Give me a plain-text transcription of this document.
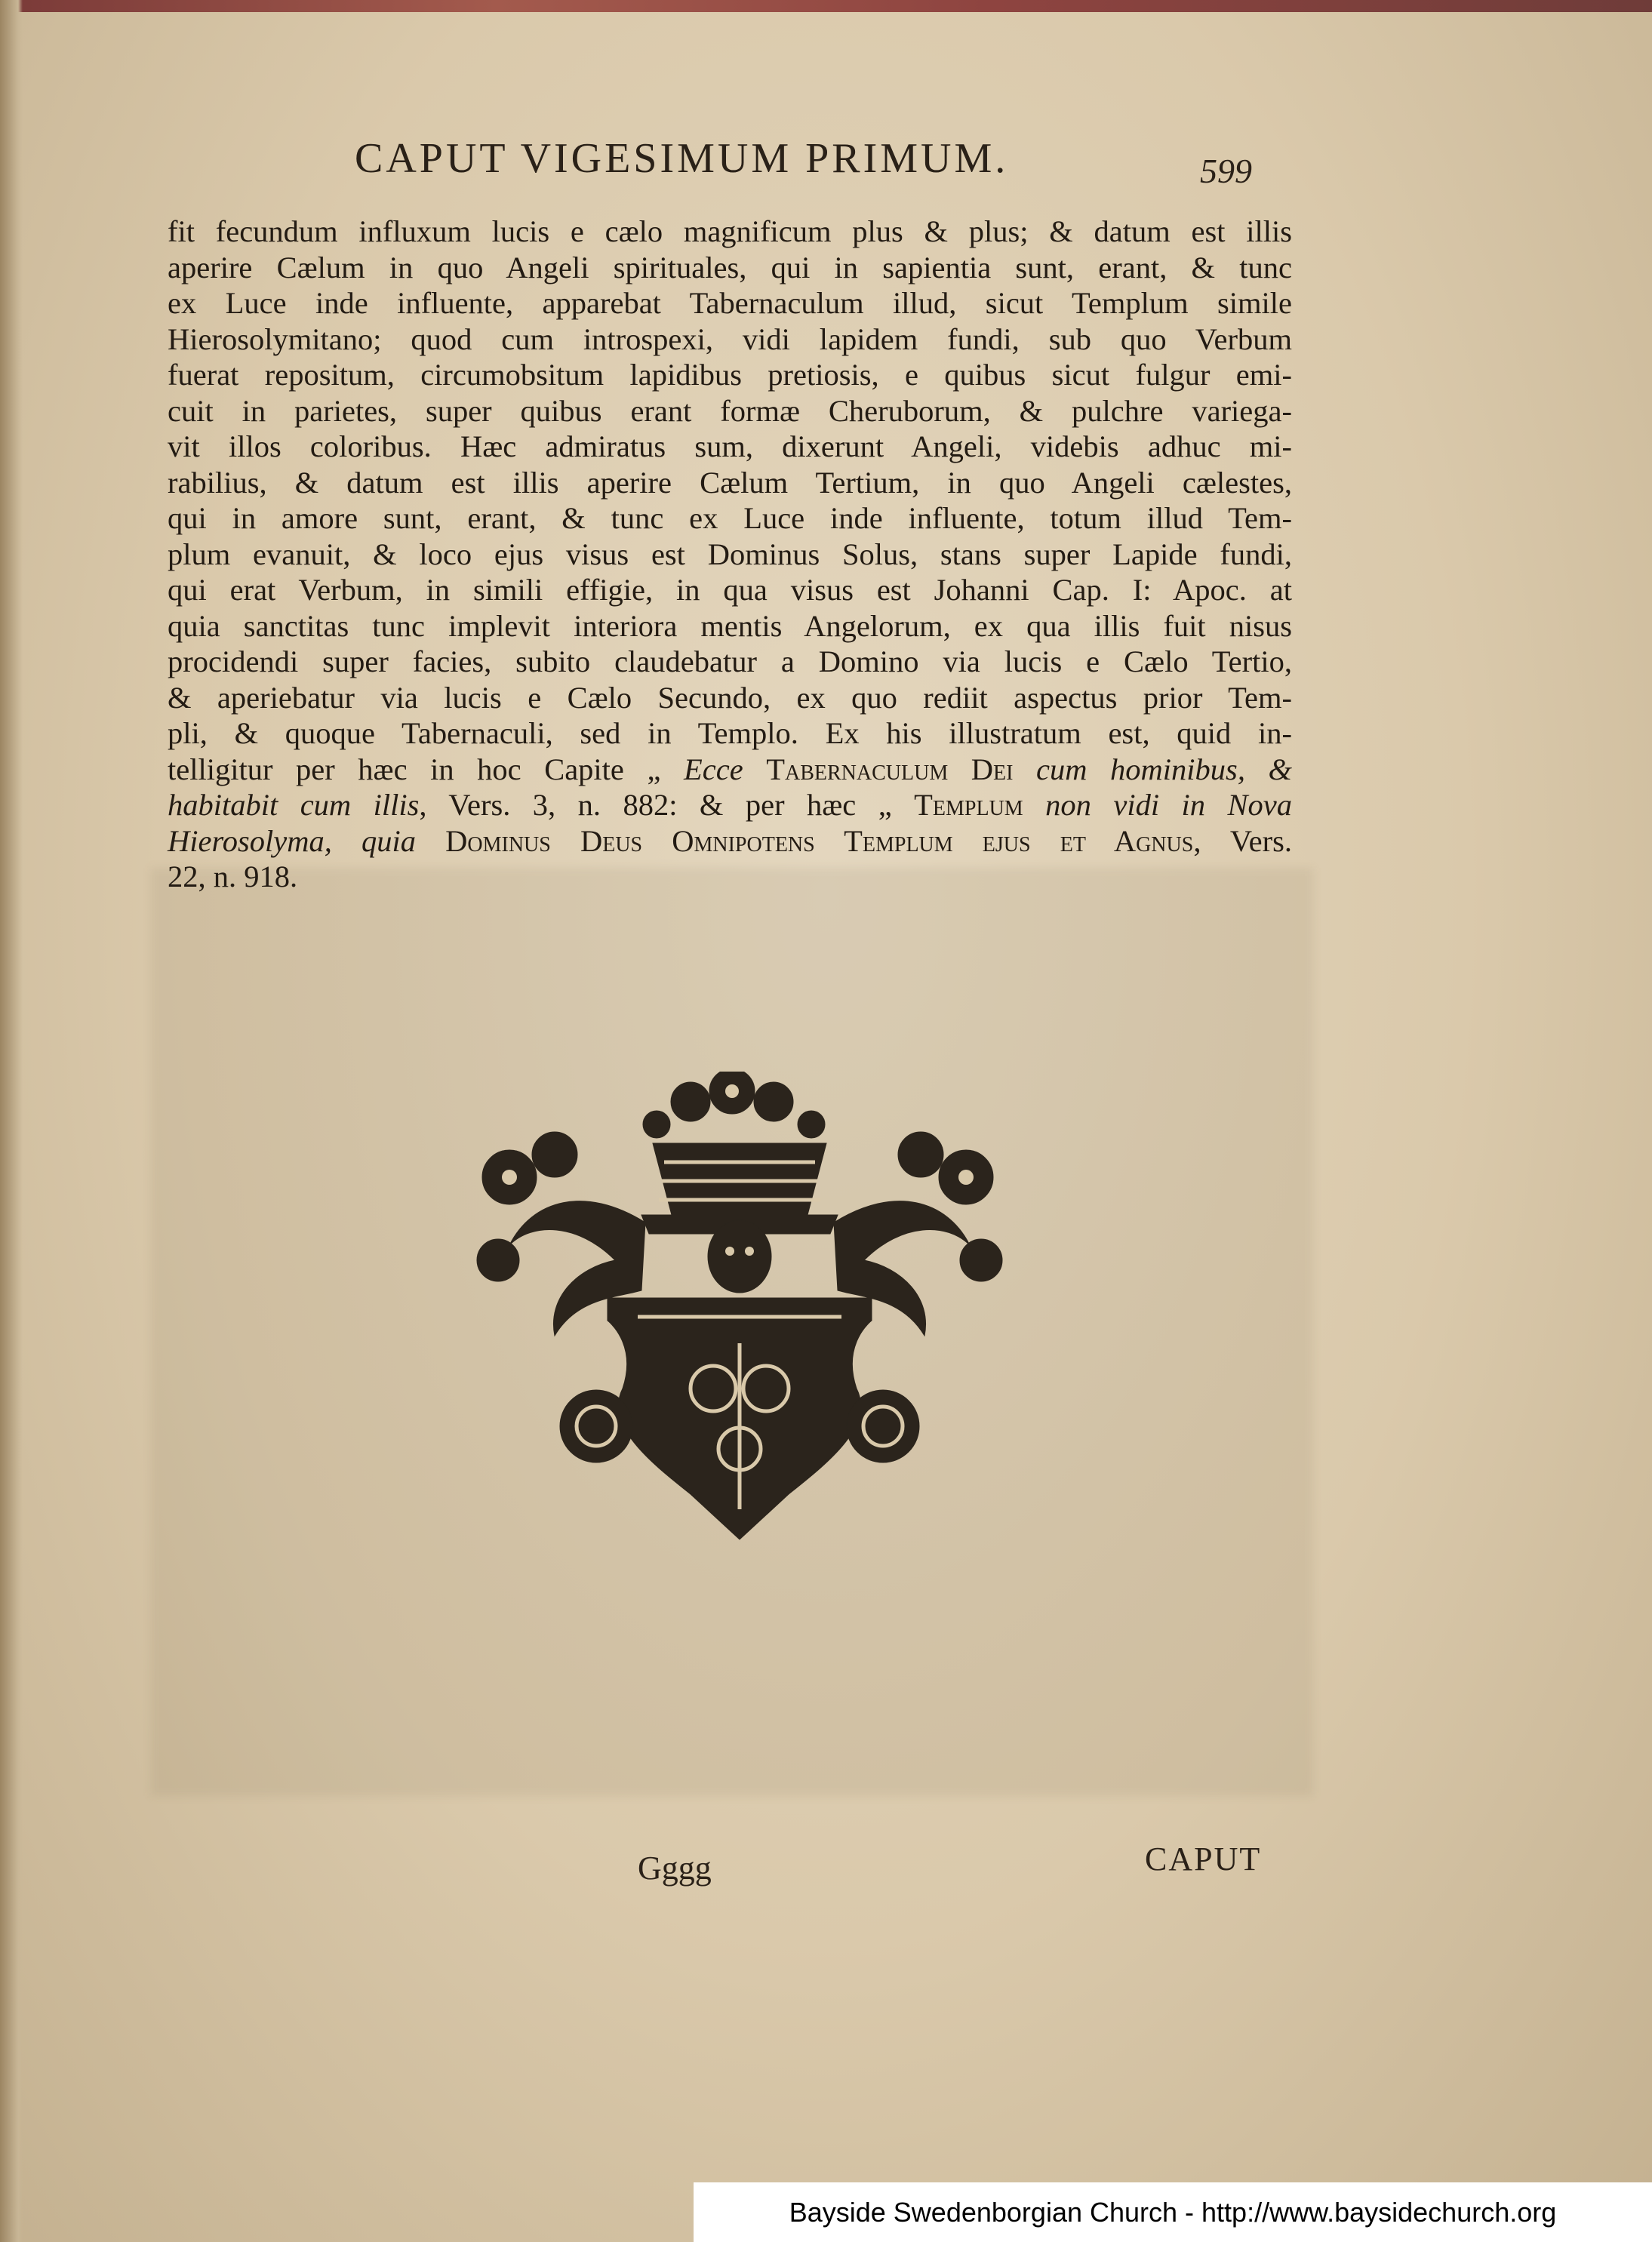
CAPUT VIGESIMUM PRIMUM.	599
fit fecundum influxum lucis e cælo magnificum plus & plus; & datum est illis
aperire Cælum in quo Angeli spirituales, qui in sapientia sunt, erant, & tunc
ex Luce inde influente, apparebat Tabernaculum illud, sicut Templum simile
Hierosolymitano; quod cum introspexi, vidi lapidem fundi, sub quo Verbum
fuerat repositum, circumobsitum lapidibus pretiosis, e quibus sicut fulgur emi-
cuit in parietes, super quibus erant formæ Cheruborum, & pulchre variega-
vit illos coloribus. Hæc admiratus sum, dixerunt Angeli, videbis adhuc mi-
rabilius, & datum est illis aperire Cælum Tertium, in quo Angeli cælestes,
qui in amore sunt, erant, & tunc ex Luce inde influente, totum illud Tem-
plum evanuit, & loco ejus visus est Dominus Solus, stans super Lapide fundi,
qui erat Verbum, in simili effigie, in qua visus est Johanni Cap. I: Apoc. at
quia sanctitas tunc implevit interiora mentis Angelorum, ex qua illis fuit nisus
procidendi super facies, subito claudebatur a Domino via lucis e Cælo Tertio,
& aperiebatur via lucis e Cælo Secundo, ex quo rediit aspectus prior Tem-
pli, & quoque Tabernaculi, sed in Templo. Ex his illustratum est, quid in-
telligitur per hæc in hoc Capite „ Ecce Tabernaculum Dei cum hominibus, &
habitabit cum illis, Vers. 3, n. 882: & per hæc „ Templum non vidi in Nova
Hierosolyma, quia Dominus Deus Omnipotens Templum ejus et Agnus, Vers.
22, n. 918.
Gggg	CAPUT
Bayside Swedenborgian Church - http://www.baysidechurch.org
